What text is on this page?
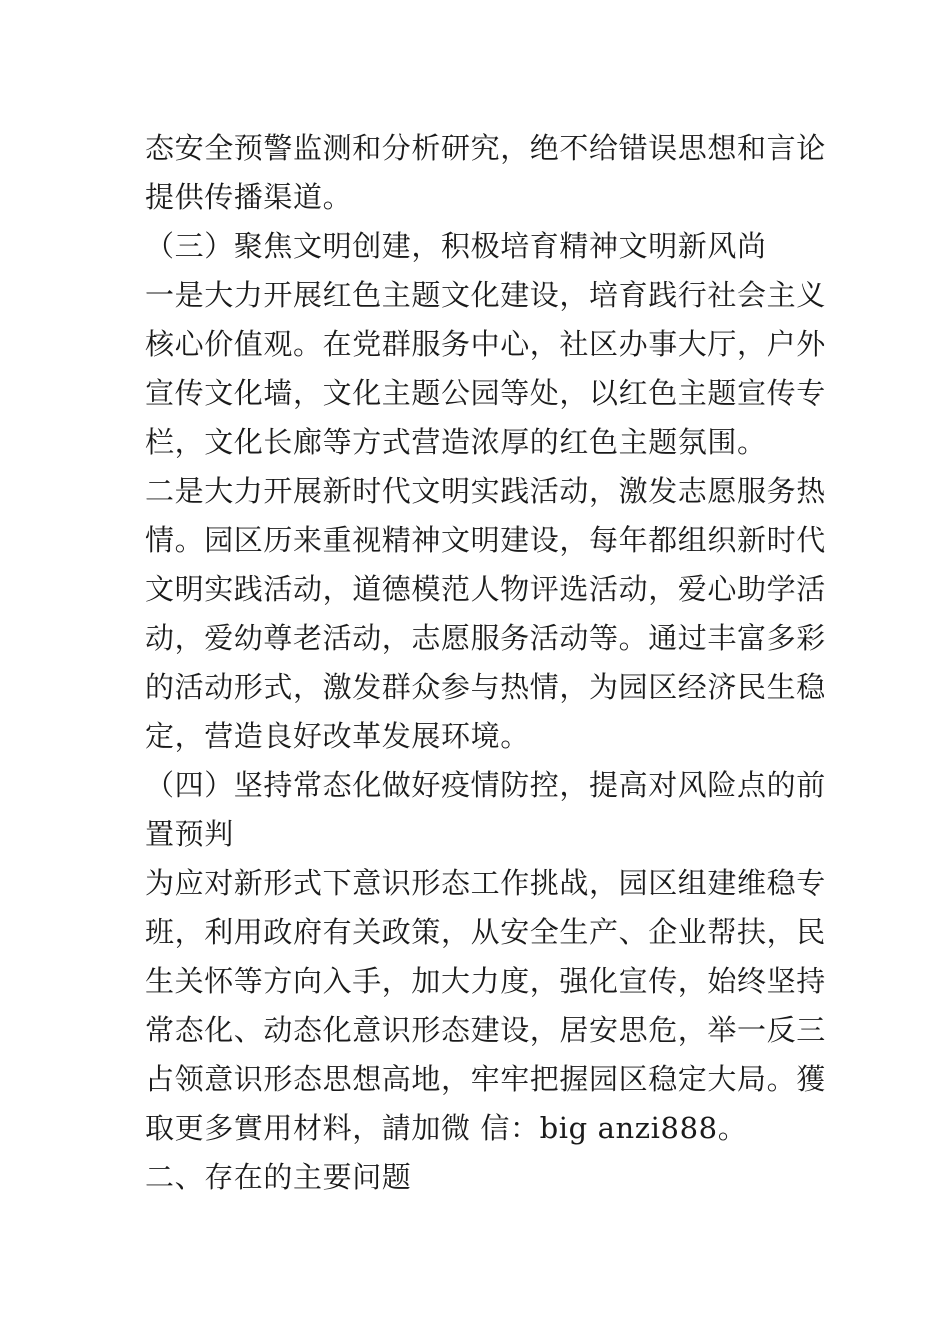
态安全预警监测和分析研究，绝不给错误思想和言论
提供传播渠道。
（三）聚焦文明创建，积极培育精神文明新风尚
一是大力开展红色主题文化建设，培育践行社会主义
核心价值观。在党群服务中心，社区办事大厅，户外
宣传文化墙，文化主题公园等处，以红色主题宣传专
栏，文化长廊等方式营造浓厚的红色主题氛围。
二是大力开展新时代文明实践活动，激发志愿服务热
情。园区历来重视精神文明建设，每年都组织新时代
文明实践活动，道德模范人物评选活动，爱心助学活
动，爱幼尊老活动，志愿服务活动等。通过丰富多彩
的活动形式，激发群众参与热情，为园区经济民生稳
定，营造良好改革发展环境。
（四）坚持常态化做好疫情防控，提高对风险点的前
置预判
为应对新形式下意识形态工作挑战，园区组建维稳专
班，利用政府有关政策，从安全生产、企业帮扶，民
生关怀等方向入手，加大力度，强化宣传，始终坚持
常态化、动态化意识形态建设，居安思危，举一反三
占领意识形态思想高地，牢牢把握园区稳定大局。獲
取更多實用材料，請加微 信：big anzi888。
二、存在的主要问题
